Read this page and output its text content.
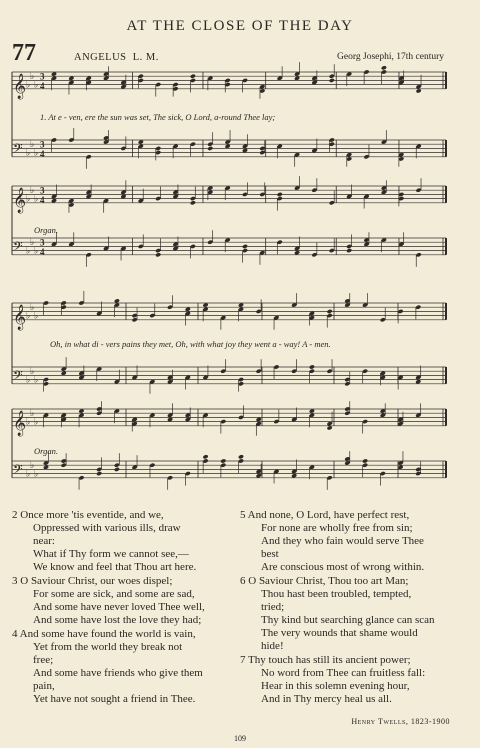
AT THE CLOSE OF THE DAY
77	ANGELUS L. M.	Georg Josephi, 17th century
𝄞 ♭
♭
♭
3
4
𝄢 ♭
♭
♭
3
4
𝄞 ♭
♭
♭
3
4
𝄢 ♭
♭
♭
3
4
𝄞 ♭
♭
♭
𝄢 ♭
♭
♭
𝄞 ♭
♭
♭
𝄢 ♭
♭
♭
1. At e - ven, ere the sun was set, The sick, O Lord, a-round Thee lay;
Organ.
Oh, in what di - vers pains they met, Oh, with what joy they went a - way! A - men.
Organ.
2 Once more 'tis eventide, and we,
Oppressed with various ills, draw
near:
What if Thy form we cannot see,—
We know and feel that Thou art here.
3 O Saviour Christ, our woes dispel;
For some are sick, and some are sad,
And some have never loved Thee well,
And some have lost the love they had;
4 And some have found the world is vain,
Yet from the world they break not
free;
And some have friends who give them
pain,
Yet have not sought a friend in Thee.
5 And none, O Lord, have perfect rest,
For none are wholly free from sin;
And they who fain would serve Thee
best
Are conscious most of wrong within.
6 O Saviour Christ, Thou too art Man;
Thou hast been troubled, tempted,
tried;
Thy kind but searching glance can scan
The very wounds that shame would
hide!
7 Thy touch has still its ancient power;
No word from Thee can fruitless fall:
Hear in this solemn evening hour,
And in Thy mercy heal us all.
Henry Twells, 1823-1900
109
